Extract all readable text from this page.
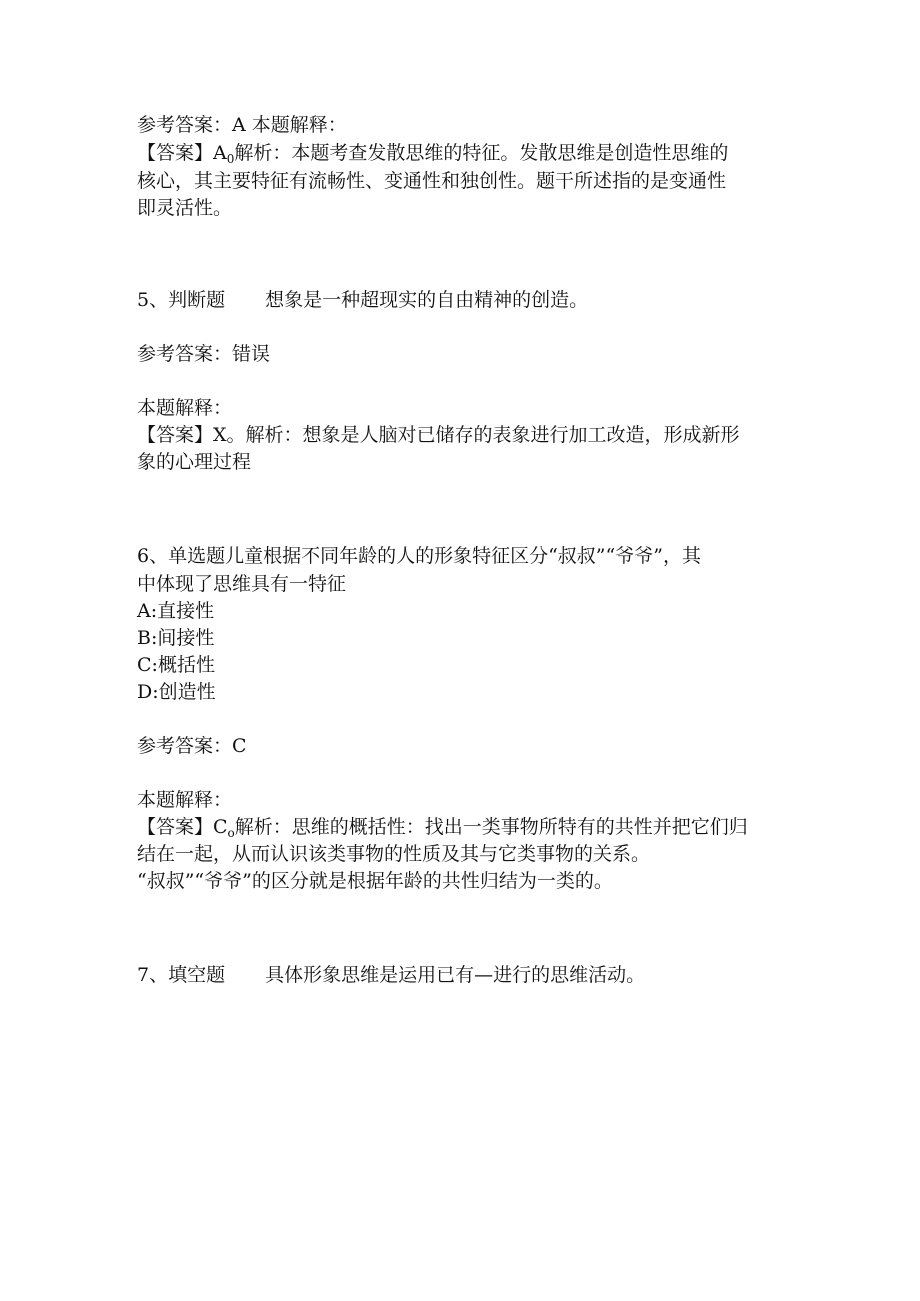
参考答案：A 本题解释：
【答案】$A_0$解析：本题考查发散思维的特征。发散思维是创造性思维的
核心，其主要特征有流畅性、变通性和独创性。题干所述指的是变通性
即灵活性。
5、判断题 想象是一种超现实的自由精神的创造。
参考答案：错误
本题解释：
【答案】X。解析：想象是人脑对已储存的表象进行加工改造，形成新形
象的心理过程
6、单选题儿童根据不同年龄的人的形象特征区分“叔叔”“爷爷”，其
中体现了思维具有一特征
A:直接性
B:间接性
C:概括性
D:创造性
参考答案：C
本题解释：
【答案】$C_o$解析：思维的概括性：找出一类事物所特有的共性并把它们归
结在一起，从而认识该类事物的性质及其与它类事物的关系。
“叔叔”“爷爷”的区分就是根据年龄的共性归结为一类的。
7、填空题 具体形象思维是运用已有—进行的思维活动。
